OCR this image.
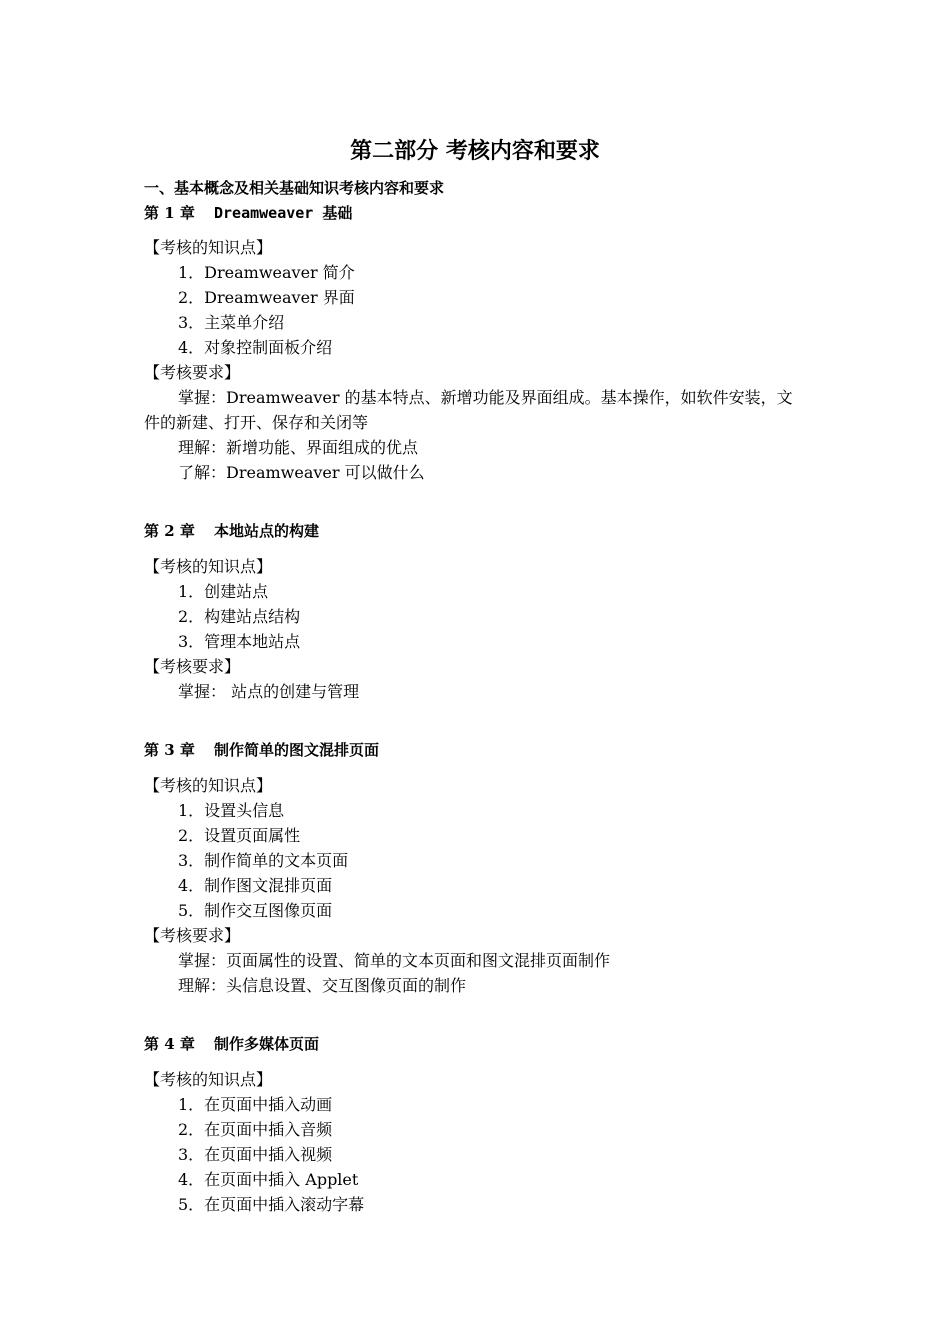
第二部分 考核内容和要求
一、基本概念及相关基础知识考核内容和要求
第 1 章 Dreamweaver 基础
【考核的知识点】
1．Dreamweaver 简介
2．Dreamweaver 界面
3．主菜单介绍
4．对象控制面板介绍
【考核要求】
掌握：Dreamweaver 的基本特点、新增功能及界面组成。基本操作，如软件安装，文
件的新建、打开、保存和关闭等
理解：新增功能、界面组成的优点
了解：Dreamweaver 可以做什么
第 2 章 本地站点的构建
【考核的知识点】
1．创建站点
2．构建站点结构
3．管理本地站点
【考核要求】
掌握： 站点的创建与管理
第 3 章 制作简单的图文混排页面
【考核的知识点】
1．设置头信息
2．设置页面属性
3．制作简单的文本页面
4．制作图文混排页面
5．制作交互图像页面
【考核要求】
掌握：页面属性的设置、简单的文本页面和图文混排页面制作
理解：头信息设置、交互图像页面的制作
第 4 章 制作多媒体页面
【考核的知识点】
1．在页面中插入动画
2．在页面中插入音频
3．在页面中插入视频
4．在页面中插入 Applet
5．在页面中插入滚动字幕
